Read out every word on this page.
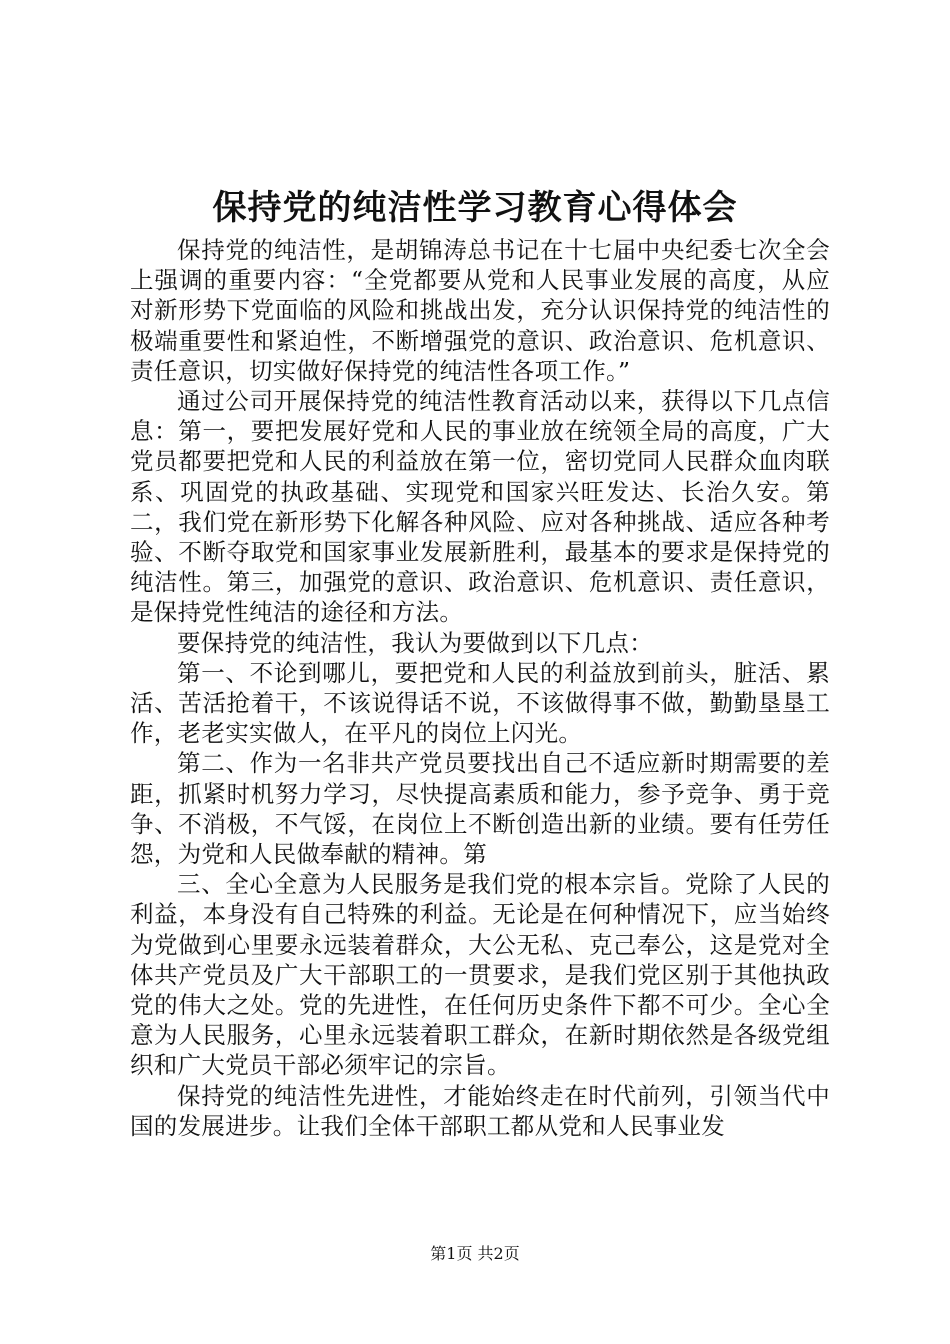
保持党的纯洁性学习教育心得体会

保持党的纯洁性，是胡锦涛总书记在十七届中央纪委七次全会上强调的重要内容：“全党都要从党和人民事业发展的高度，从应对新形势下党面临的风险和挑战出发，充分认识保持党的纯洁性的极端重要性和紧迫性，不断增强党的意识、政治意识、危机意识、责任意识，切实做好保持党的纯洁性各项工作。”

通过公司开展保持党的纯洁性教育活动以来，获得以下几点信息：第一，要把发展好党和人民的事业放在统领全局的高度，广大党员都要把党和人民的利益放在第一位，密切党同人民群众血肉联系、巩固党的执政基础、实现党和国家兴旺发达、长治久安。第二，我们党在新形势下化解各种风险、应对各种挑战、适应各种考验、不断夺取党和国家事业发展新胜利，最基本的要求是保持党的纯洁性。第三，加强党的意识、政治意识、危机意识、责任意识，是保持党性纯洁的途径和方法。

要保持党的纯洁性，我认为要做到以下几点：

第一、不论到哪儿，要把党和人民的利益放到前头，脏活、累活、苦活抢着干，不该说得话不说，不该做得事不做，勤勤垦垦工作，老老实实做人，在平凡的岗位上闪光。

第二、作为一名非共产党员要找出自己不适应新时期需要的差距，抓紧时机努力学习，尽快提高素质和能力，参予竞争、勇于竞争、不消极，不气馁，在岗位上不断创造出新的业绩。要有任劳任怨，为党和人民做奉献的精神。第

三、全心全意为人民服务是我们党的根本宗旨。党除了人民的利益，本身没有自己特殊的利益。无论是在何种情况下，应当始终为党做到心里要永远装着群众，大公无私、克己奉公，这是党对全体共产党员及广大干部职工的一贯要求，是我们党区别于其他执政党的伟大之处。党的先进性，在任何历史条件下都不可少。全心全意为人民服务，心里永远装着职工群众，在新时期依然是各级党组织和广大党员干部必须牢记的宗旨。

保持党的纯洁性先进性，才能始终走在时代前列，引领当代中国的发展进步。让我们全体干部职工都从党和人民事业发

第1页 共2页
